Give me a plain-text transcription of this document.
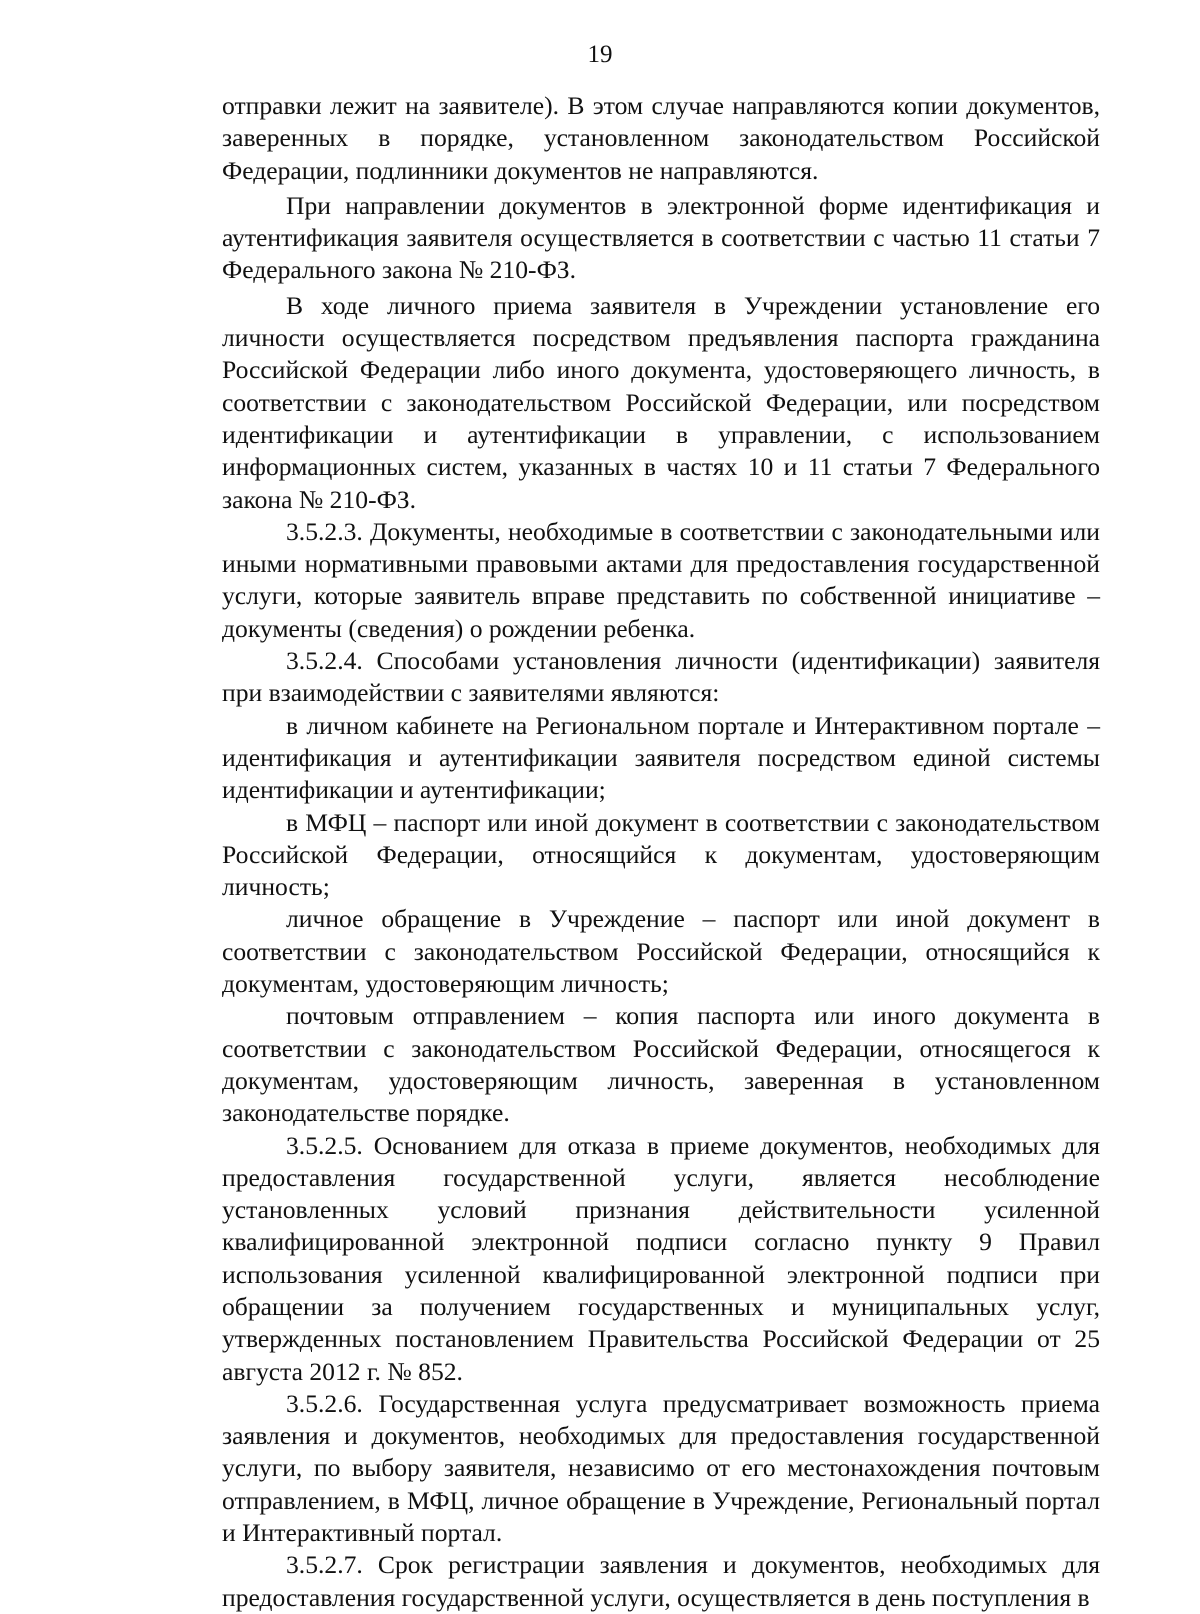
19

отправки лежит на заявителе). В этом случае направляются копии документов, заверенных в порядке, установленном законодательством Российской Федерации, подлинники документов не направляются.

При направлении документов в электронной форме идентификация и аутентификация заявителя осуществляется в соответствии с частью 11 статьи 7 Федерального закона № 210-ФЗ.

В ходе личного приема заявителя в Учреждении установление его личности осуществляется посредством предъявления паспорта гражданина Российской Федерации либо иного документа, удостоверяющего личность, в соответствии с законодательством Российской Федерации, или посредством идентификации и аутентификации в управлении, с использованием информационных систем, указанных в частях 10 и 11 статьи 7 Федерального закона № 210-ФЗ.

3.5.2.3. Документы, необходимые в соответствии с законодательными или иными нормативными правовыми актами для предоставления государственной услуги, которые заявитель вправе представить по собственной инициативе – документы (сведения) о рождении ребенка.

3.5.2.4. Способами установления личности (идентификации) заявителя при взаимодействии с заявителями являются:

в личном кабинете на Региональном портале и Интерактивном портале – идентификация и аутентификации заявителя посредством единой системы идентификации и аутентификации;

в МФЦ – паспорт или иной документ в соответствии с законодательством Российской Федерации, относящийся к документам, удостоверяющим личность;

личное обращение в Учреждение – паспорт или иной документ в соответствии с законодательством Российской Федерации, относящийся к документам, удостоверяющим личность;

почтовым отправлением – копия паспорта или иного документа в соответствии с законодательством Российской Федерации, относящегося к документам, удостоверяющим личность, заверенная в установленном законодательстве порядке.

3.5.2.5. Основанием для отказа в приеме документов, необходимых для предоставления государственной услуги, является несоблюдение установленных условий признания действительности усиленной квалифицированной электронной подписи согласно пункту 9 Правил использования усиленной квалифицированной электронной подписи при обращении за получением государственных и муниципальных услуг, утвержденных постановлением Правительства Российской Федерации от 25 августа 2012 г. № 852.

3.5.2.6. Государственная услуга предусматривает возможность приема заявления и документов, необходимых для предоставления государственной услуги, по выбору заявителя, независимо от его местонахождения почтовым отправлением, в МФЦ, личное обращение в Учреждение, Региональный портал и Интерактивный портал.

3.5.2.7. Срок регистрации заявления и документов, необходимых для предоставления государственной услуги, осуществляется в день поступления в
